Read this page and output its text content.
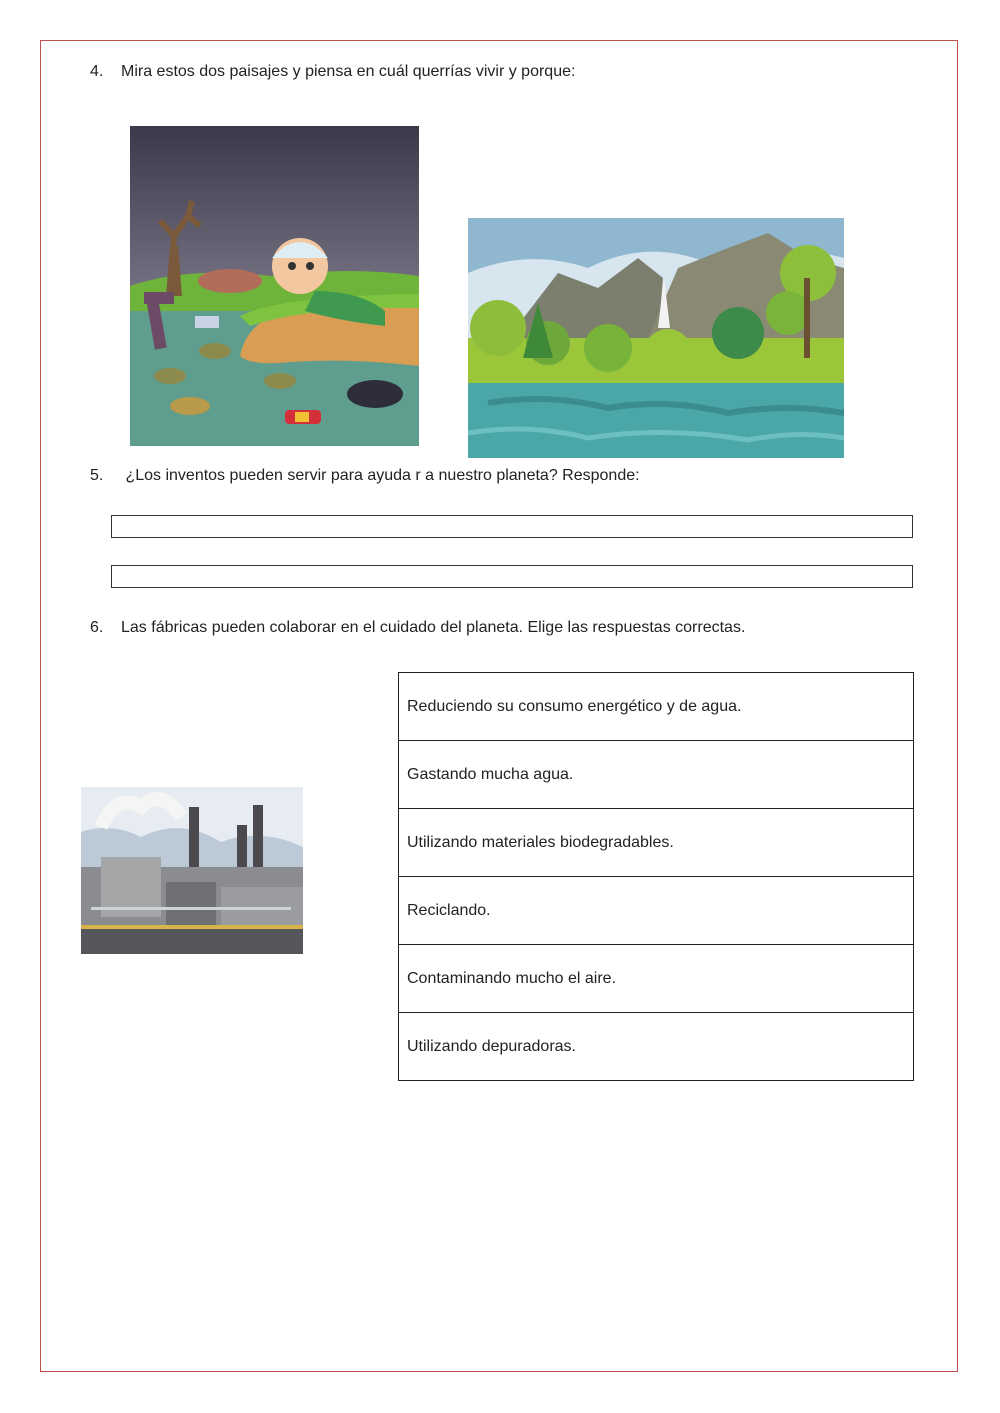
4. Mira estos dos paisajes y piensa en cuál querrías vivir y porque:
5. ¿Los inventos pueden servir para ayuda r a nuestro planeta? Responde:
6. Las fábricas pueden colaborar en el cuidado del planeta. Elige las respuestas correctas.
Reduciendo su consumo energético y de agua.
Gastando mucha agua.
Utilizando materiales biodegradables.
Reciclando.
Contaminando mucho el aire.
Utilizando depuradoras.
